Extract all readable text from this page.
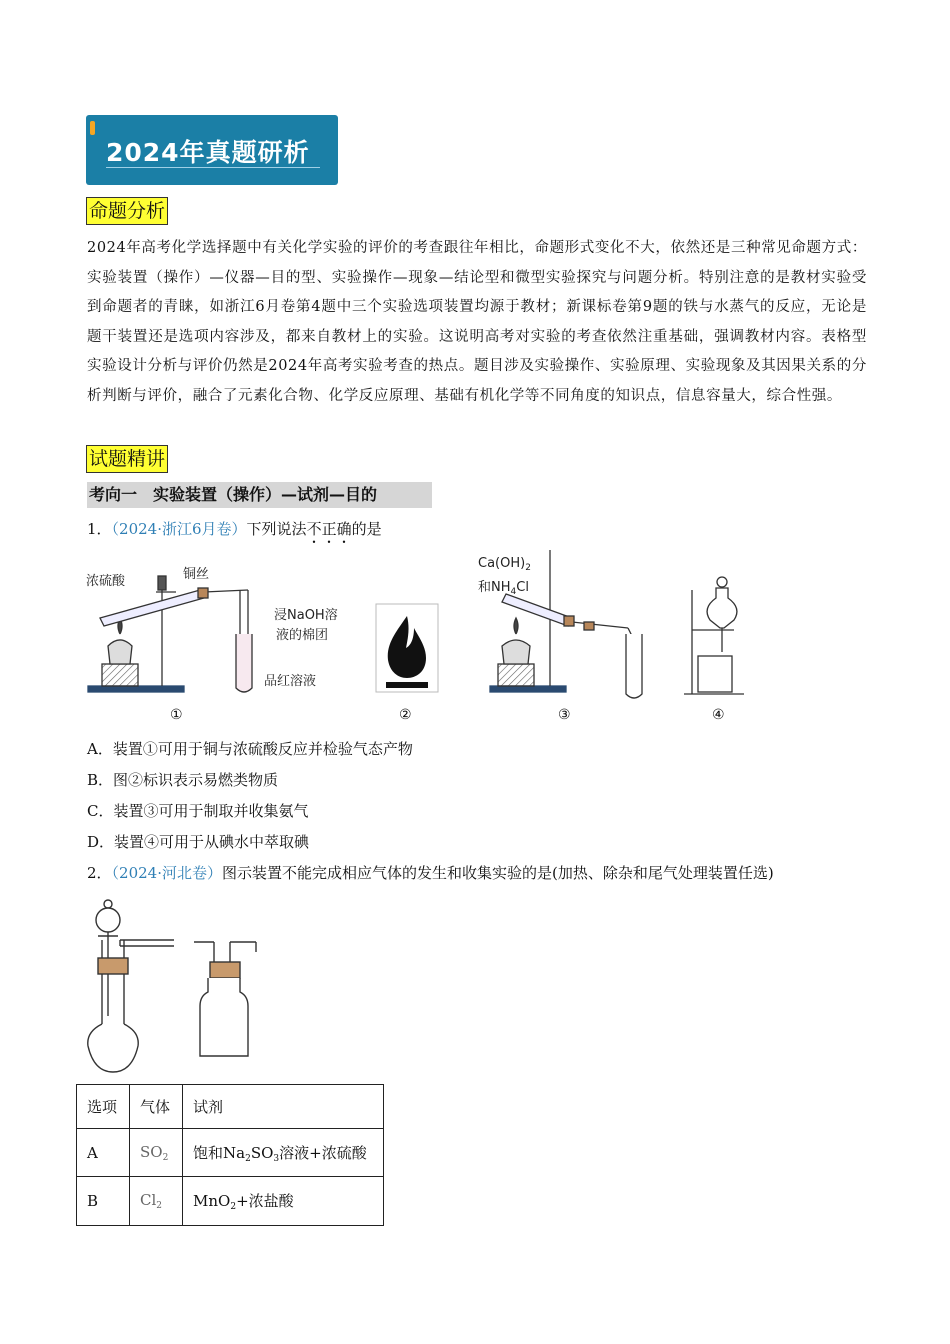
2024年真题研析
命题分析
2024年高考化学选择题中有关化学实验的评价的考查跟往年相比，命题形式变化不大，依然还是三种常见命题方式：实验装置（操作）—仪器—目的型、实验操作—现象—结论型和微型实验探究与问题分析。特别注意的是教材实验受到命题者的青睐，如浙江6月卷第4题中三个实验选项装置均源于教材；新课标卷第9题的铁与水蒸气的反应，无论是题干装置还是选项内容涉及，都来自教材上的实验。这说明高考对实验的考查依然注重基础，强调教材内容。表格型实验设计分析与评价仍然是2024年高考实验考查的热点。题目涉及实验操作、实验原理、实验现象及其因果关系的分析判断与评价，融合了元素化合物、化学反应原理、基础有机化学等不同角度的知识点，信息容量大，综合性强。
试题精讲
考向一　实验装置（操作）—试剂—目的
1．（2024·浙江6月卷）下列说法不正确的是
浓硫酸	铜丝
浸NaOH溶
液的棉团
品红溶液
$Ca(OH)_2$
和$NH_4Cl$
①	②	③	④
A．装置①可用于铜与浓硫酸反应并检验气态产物
B．图②标识表示易燃类物质
C．装置③可用于制取并收集氨气
D．装置④可用于从碘水中萃取碘
2．（2024·河北卷）图示装置不能完成相应气体的发生和收集实验的是(加热、除杂和尾气处理装置任选)
选项	气体	试剂
A	$SO_2$	饱和$Na_2SO_3$溶液+浓硫酸
B	$Cl_2$	MnO$_2$+浓盐酸
